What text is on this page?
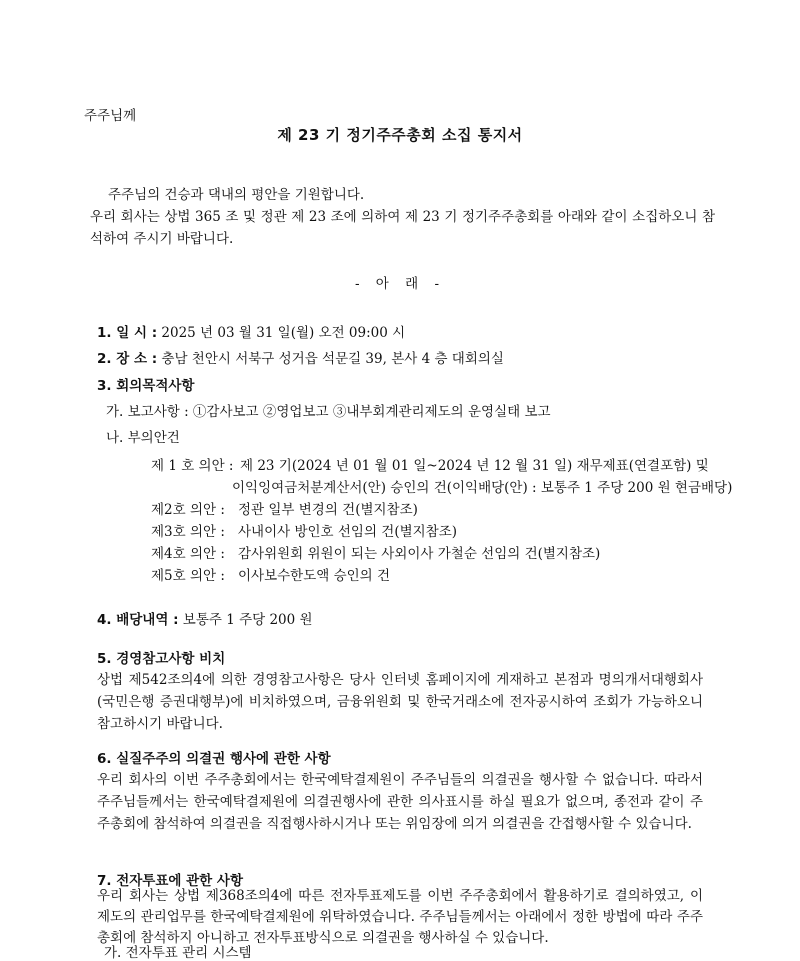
주주님께
제 23 기 정기주주총회 소집 통지서
주주님의 건승과 댁내의 평안을 기원합니다.
우리 회사는 상법 365 조 및 정관 제 23 조에 의하여 제 23 기 정기주주총회를 아래와 같이 소집하오니 참석하여 주시기 바랍니다.
- 아 래 -
1. 일 시 : 2025 년 03 월 31 일(월) 오전 09:00 시
2. 장 소 : 충남 천안시 서북구 성거읍 석문길 39, 본사 4 층 대회의실
3. 회의목적사항
가. 보고사항 : ①감사보고 ②영업보고 ③내부회계관리제도의 운영실태 보고
나. 부의안건
제 1 호 의안 : 제 23 기(2024 년 01 월 01 일~2024 년 12 월 31 일) 재무제표(연결포함) 및
이익잉여금처분계산서(안) 승인의 건(이익배당(안) : 보통주 1 주당 200 원 현금배당)
제2호 의안 : 정관 일부 변경의 건(별지참조)
제3호 의안 : 사내이사 방인호 선임의 건(별지참조)
제4호 의안 : 감사위원회 위원이 되는 사외이사 가철순 선임의 건(별지참조)
제5호 의안 : 이사보수한도액 승인의 건
4. 배당내역 : 보통주 1 주당 200 원
5. 경영참고사항 비치
상법 제542조의4에 의한 경영참고사항은 당사 인터넷 홈페이지에 게재하고 본점과 명의개서대행회사(국민은행 증권대행부)에 비치하였으며, 금융위원회 및 한국거래소에 전자공시하여 조회가 가능하오니 참고하시기 바랍니다.
6. 실질주주의 의결권 행사에 관한 사항
우리 회사의 이번 주주총회에서는 한국예탁결제원이 주주님들의 의결권을 행사할 수 없습니다. 따라서 주주님들께서는 한국예탁결제원에 의결권행사에 관한 의사표시를 하실 필요가 없으며, 종전과 같이 주주총회에 참석하여 의결권을 직접행사하시거나 또는 위임장에 의거 의결권을 간접행사할 수 있습니다.
7. 전자투표에 관한 사항
우리 회사는 상법 제368조의4에 따른 전자투표제도를 이번 주주총회에서 활용하기로 결의하였고, 이 제도의 관리업무를 한국예탁결제원에 위탁하였습니다. 주주님들께서는 아래에서 정한 방법에 따라 주주총회에 참석하지 아니하고 전자투표방식으로 의결권을 행사하실 수 있습니다.
가. 전자투표 관리 시스템
